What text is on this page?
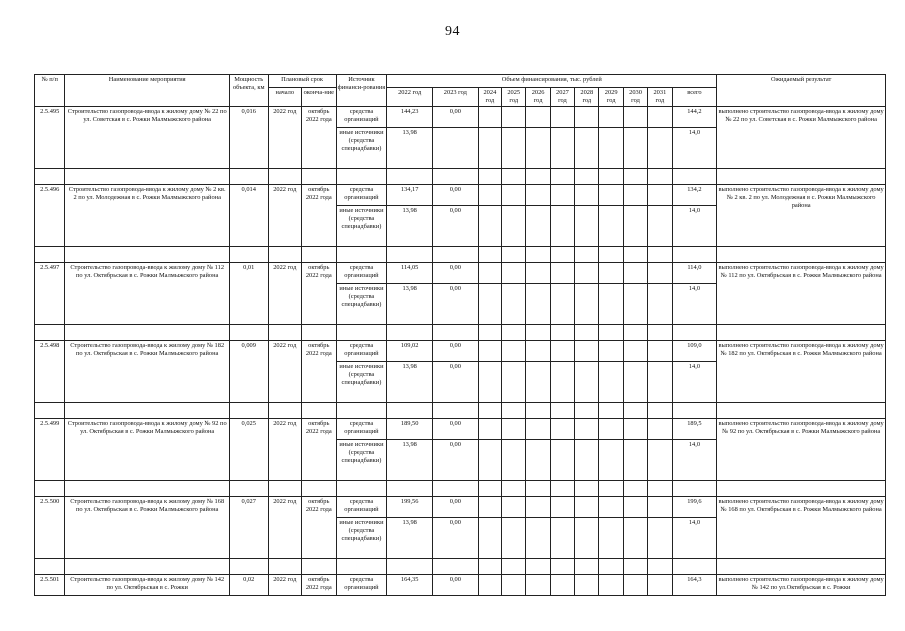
94
№ п/п	Наименование мероприятия	Мощность объекта, км	Плановый срок		Источник финанси-рования	Объем финансирования, тыс. рублей											Ожидаемый результат
			начало	оконча-ние		2022 год	2023 год	2024 год	2025 год	2026 год	2027 год	2028 год	2029 год	2030 год	2031 год	всего	
2.5.495	Строительство газопровода-ввода к жилому дому № 22 по ул. Советская в с. Рожки Малмыжского района	0,016	2022 год	октябрь 2022 года	средства организаций	144,23	0,00									144,2	выполнено строительство газопровода-ввода к жилому дому № 22 по ул. Советская в с. Рожки Малмыжского района
					иные источники (средства спецнадбавки)	13,98										14,0	

2.5.496	Строительство газопровода-ввода к жилому дому № 2 кв. 2 по ул. Молодежная в с. Рожки Малмыжского района	0,014	2022 год	октябрь 2022 года	средства организаций	134,17	0,00									134,2	выполнено строительство газопровода-ввода к жилому дому № 2 кв. 2 по ул. Молодежная в с. Рожки Малмыжского района
					иные источники (средства спецнадбавки)	13,98	0,00									14,0	

2.5.497	Строительство газопровода-ввода к жилому дому № 112 по ул. Октябрьская в с. Рожки Малмыжского района	0,01	2022 год	октябрь 2022 года	средства организаций	114,05	0,00									114,0	выполнено строительство газопровода-ввода к жилому дому № 112 по ул. Октябрьская в с. Рожки Малмыжского района
					иные источники (средства спецнадбавки)	13,98	0,00									14,0	

2.5.498	Строительство газопровода-ввода к жилому дому № 182 по ул. Октябрьская в с. Рожки Малмыжского района	0,009	2022 год	октябрь 2022 года	средства организаций	109,02	0,00									109,0	выполнено строительство газопровода-ввода к жилому дому № 182 по ул. Октябрьская в с. Рожки Малмыжского района
					иные источники (средства спецнадбавки)	13,98	0,00									14,0	

2.5.499	Строительство газопровода-ввода к жилому дому № 92 по ул. Октябрьская в с. Рожки Малмыжского района	0,025	2022 год	октябрь 2022 года	средства организаций	189,50	0,00									189,5	выполнено строительство газопровода-ввода к жилому дому № 92 по ул. Октябрьская в с. Рожки Малмыжского района
					иные источники (средства спецнадбавки)	13,98	0,00									14,0	

2.5.500	Строительство газопровода-ввода к жилому дому № 168 по ул. Октябрьская в с. Рожки Малмыжского района	0,027	2022 год	октябрь 2022 года	средства организаций	199,56	0,00									199,6	выполнено строительство газопровода-ввода к жилому дому № 168 по ул. Октябрьская в с. Рожки Малмыжского района
					иные источники (средства спецнадбавки)	13,98	0,00									14,0	

2.5.501	Строительство газопровода-ввода к жилому дому № 142 по ул. Октябрьская в с. Рожки	0,02	2022 год	октябрь 2022 года	средства организаций	164,35	0,00									164,3	выполнено строительство газопровода-ввода к жилому дому № 142 по ул.Октябрьская в с. Рожки
